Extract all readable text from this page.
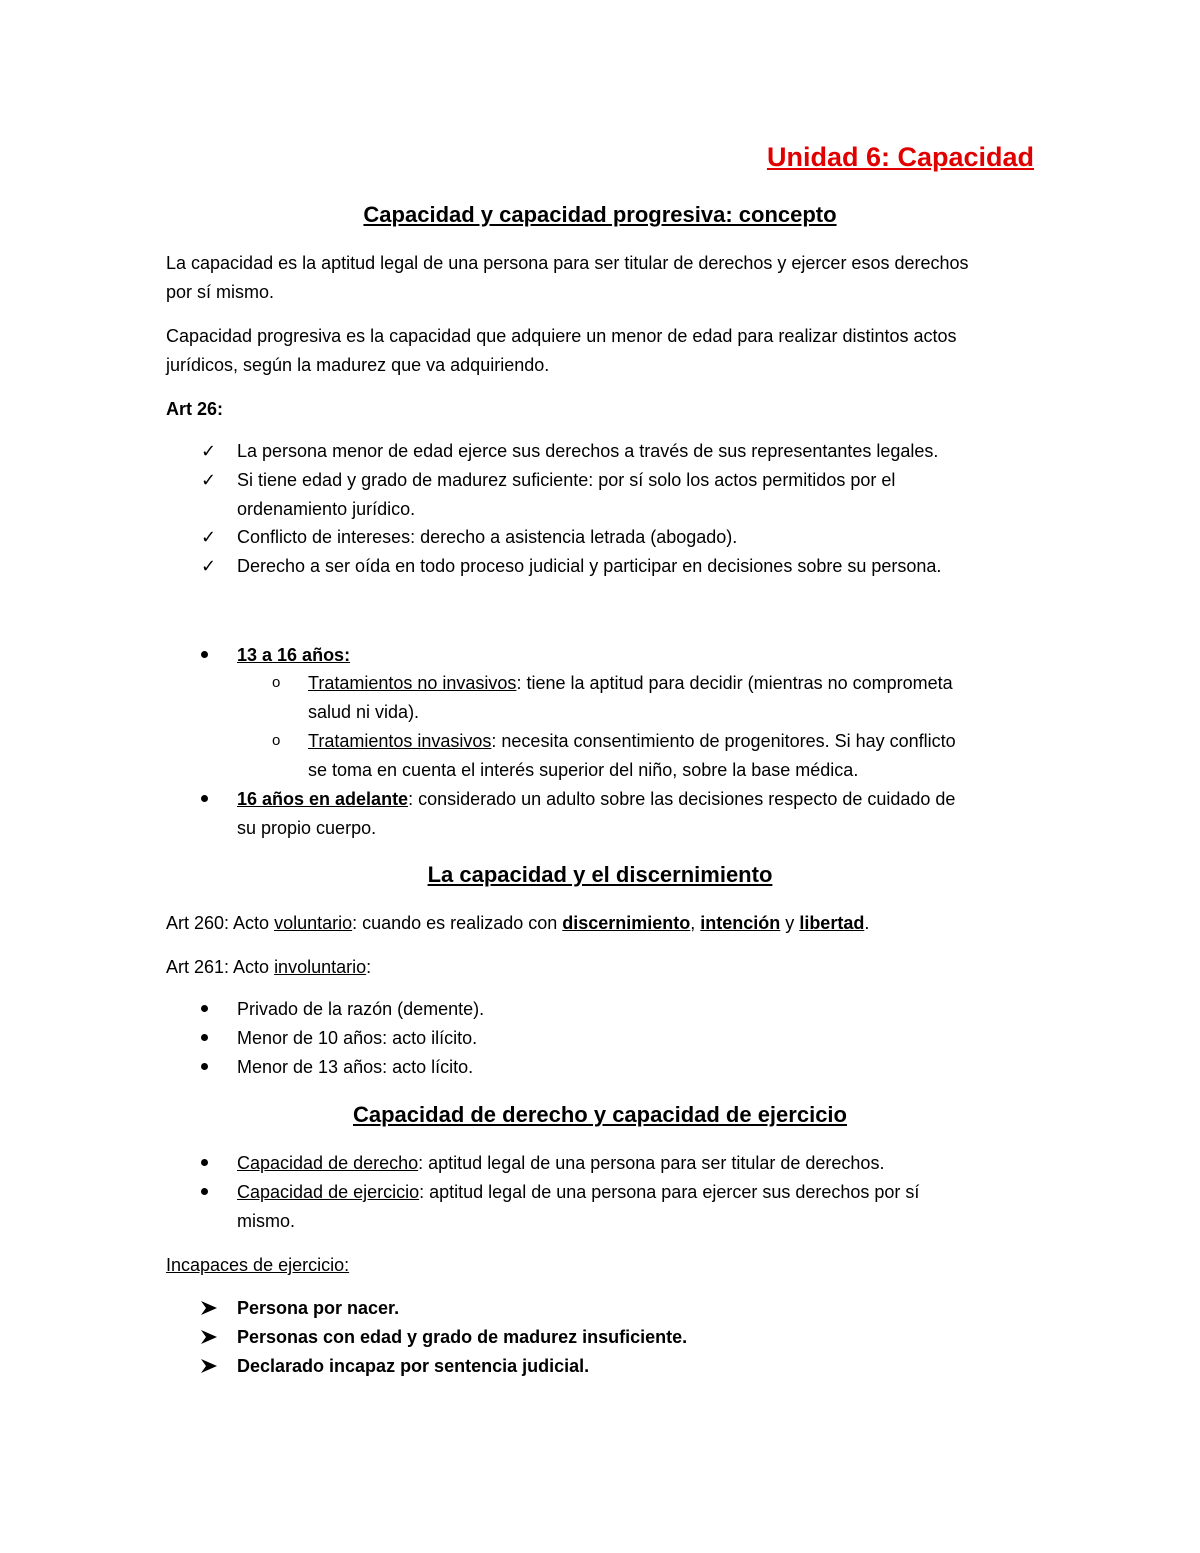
Unidad 6: Capacidad
Capacidad y capacidad progresiva: concepto
La capacidad es la aptitud legal de una persona para ser titular de derechos y ejercer esos derechos
por sí mismo.
Capacidad progresiva es la capacidad que adquiere un menor de edad para realizar distintos actos
jurídicos, según la madurez que va adquiriendo.
Art 26:
✓ La persona menor de edad ejerce sus derechos a través de sus representantes legales.
✓ Si tiene edad y grado de madurez suficiente: por sí solo los actos permitidos por el
ordenamiento jurídico.
✓ Conflicto de intereses: derecho a asistencia letrada (abogado).
✓ Derecho a ser oída en todo proceso judicial y participar en decisiones sobre su persona.
13 a 16 años:
o Tratamientos no invasivos: tiene la aptitud para decidir (mientras no comprometa
salud ni vida).
o Tratamientos invasivos: necesita consentimiento de progenitores. Si hay conflicto
se toma en cuenta el interés superior del niño, sobre la base médica.
16 años en adelante: considerado un adulto sobre las decisiones respecto de cuidado de
su propio cuerpo.
La capacidad y el discernimiento
Art 260: Acto voluntario: cuando es realizado con discernimiento, intención y libertad.
Art 261: Acto involuntario:
Privado de la razón (demente).
Menor de 10 años: acto ilícito.
Menor de 13 años: acto lícito.
Capacidad de derecho y capacidad de ejercicio
Capacidad de derecho: aptitud legal de una persona para ser titular de derechos.
Capacidad de ejercicio: aptitud legal de una persona para ejercer sus derechos por sí
mismo.
Incapaces de ejercicio:
Persona por nacer.
Personas con edad y grado de madurez insuficiente.
Declarado incapaz por sentencia judicial.
